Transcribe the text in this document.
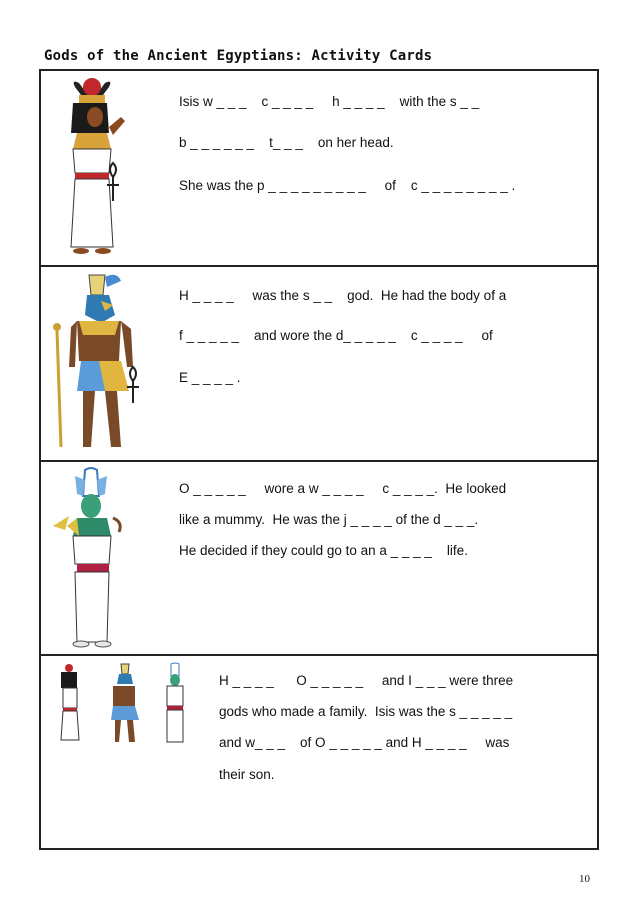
Gods of the Ancient Egyptians: Activity Cards
Isis w _ _ _    c _ _ _ _     h _ _ _ _    with the s _ _
b _ _ _ _ _ _    t_ _ _    on her head.
She was the p _ _ _ _ _ _ _ _ _     of    c _ _ _ _ _ _ _ _ .
H _ _ _ _     was the s _ _    god.  He had the body of a
f _ _ _ _ _    and wore the d_ _ _ _ _    c _ _ _ _     of
E _ _ _ _ .
O _ _ _ _ _     wore a w _ _ _ _     c _ _ _ _.  He looked
like a mummy.  He was the j _ _ _ _ of the d _ _ _.
He decided if they could go to an a _ _ _ _    life.
H _ _ _ _      O _ _ _ _ _     and I _ _ _ were three
gods who made a family.  Isis was the s _ _ _ _ _
and w_ _ _    of O _ _ _ _ _ and H _ _ _ _     was
their son.
10
